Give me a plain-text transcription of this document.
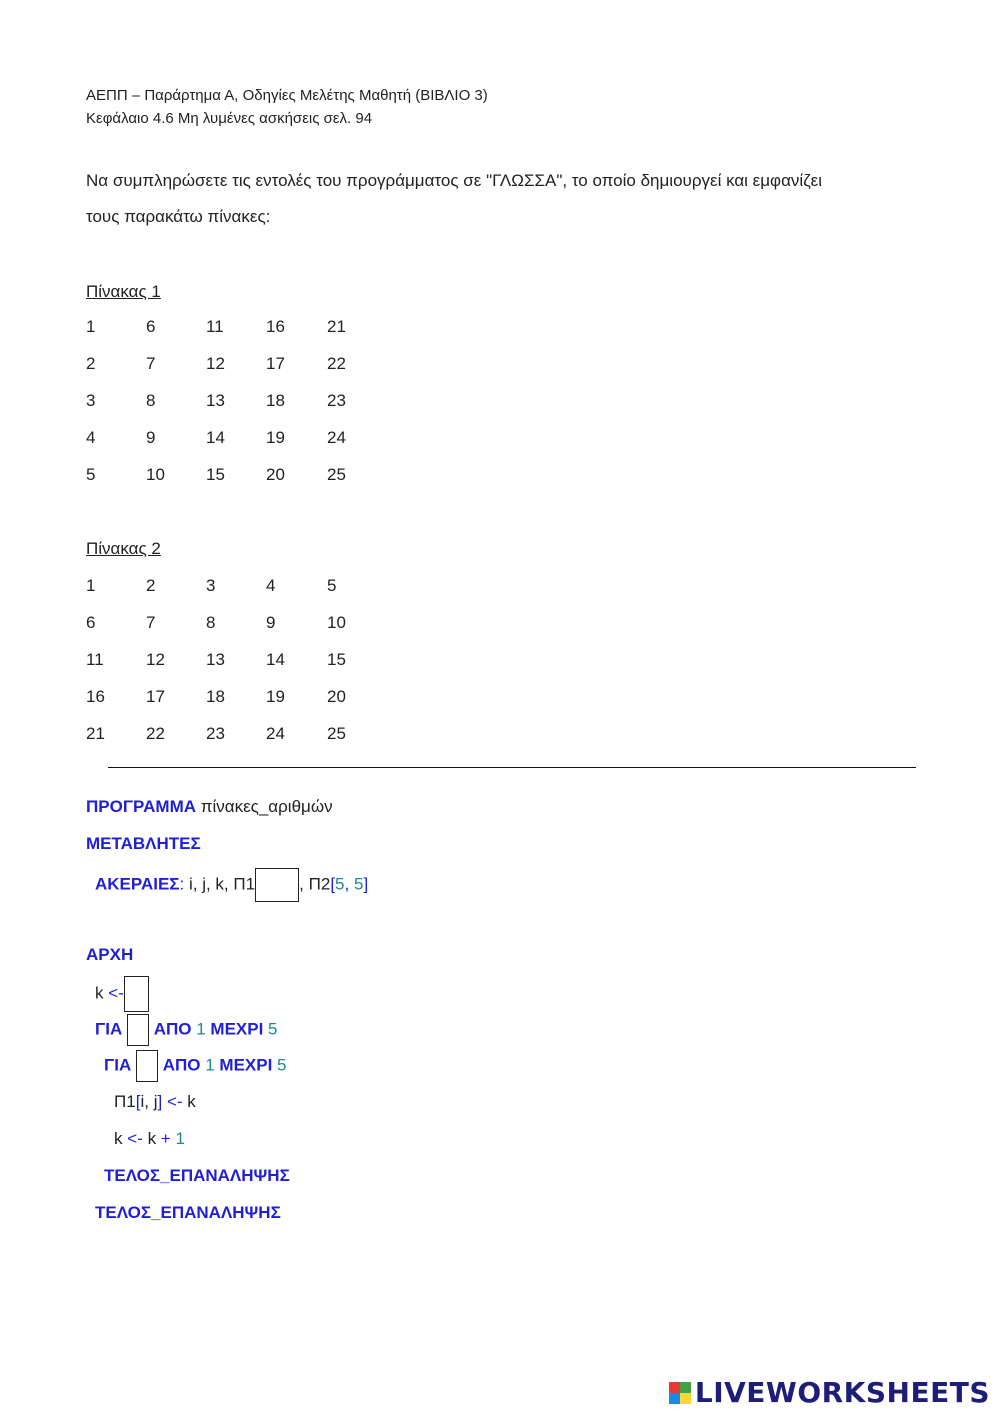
ΑΕΠΠ – Παράρτημα Α, Οδηγίες Μελέτης Μαθητή (ΒΙΒΛΙΟ 3)
Κεφάλαιο 4.6 Μη λυμένες ασκήσεις σελ. 94
Να συμπληρώσετε τις εντολές του προγράμματος σε "ΓΛΩΣΣΑ", το οποίο δημιουργεί και εμφανίζει
τους παρακάτω πίνακες:
Πίνακας 1
1	6	11 16 21
2	7	12 17 22
3	8	13 18 23
4	9	14 19 24
5	10 15 20 25
Πίνακας 2
1	2	3	4	5
6	7	8	9	10
11 12 13 14 15
16 17 18 19 20
21 22 23 24 25
ΠΡΟΓΡΑΜΜΑ πίνακες_αριθμών
ΜΕΤΑΒΛΗΤΕΣ
ΑΚΕΡΑΙΕΣ: i, j, k, Π1	, Π2[5, 5]
ΑΡΧΗ
k <-
ΓΙΑ ΑΠΟ 1 ΜΕΧΡΙ 5
ΓΙΑ ΑΠΟ 1 ΜΕΧΡΙ 5
Π1[i, j] <- k
k <- k + 1
ΤΕΛΟΣ_ΕΠΑΝΑΛΗΨΗΣ
ΤΕΛΟΣ_ΕΠΑΝΑΛΗΨΗΣ
LIVEWORKSHEETS
